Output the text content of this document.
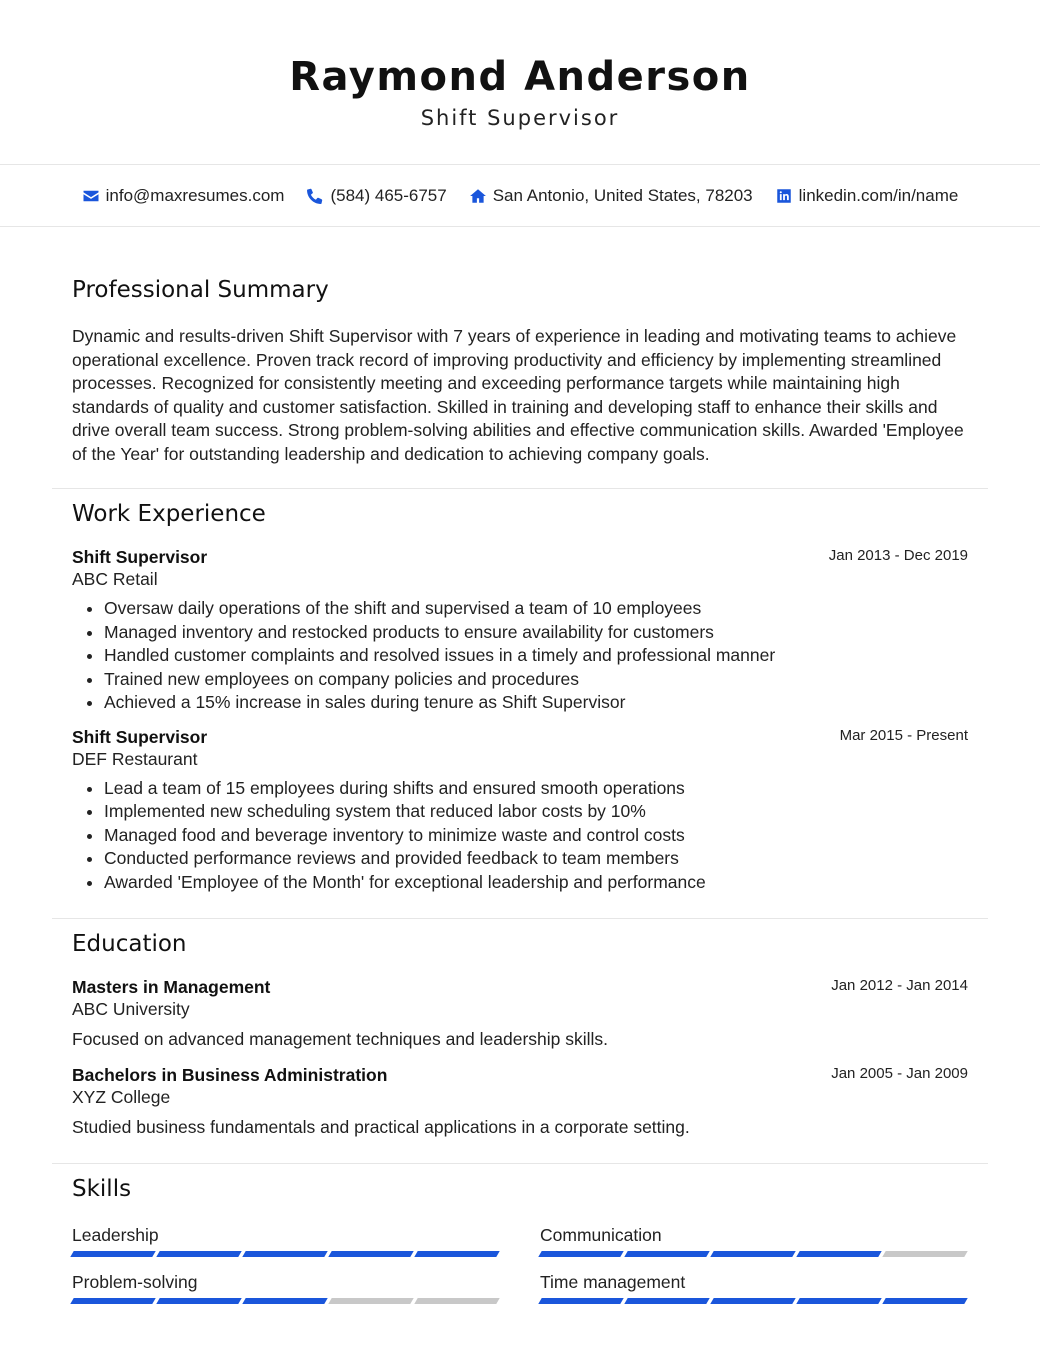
Raymond Anderson
Shift Supervisor
info@maxresumes.com	(584) 465-6757	San Antonio, United States, 78203	linkedin.com/in/name
Professional Summary

Dynamic and results-driven Shift Supervisor with 7 years of experience in leading and motivating teams to achieve operational excellence. Proven track record of improving productivity and efficiency by implementing streamlined processes. Recognized for consistently meeting and exceeding performance targets while maintaining high standards of quality and customer satisfaction. Skilled in training and developing staff to enhance their skills and drive overall team success. Strong problem-solving abilities and effective communication skills. Awarded 'Employee of the Year' for outstanding leadership and dedication to achieving company goals.

Work Experience
Shift Supervisor	Jan 2013 - Dec 2019
ABC Retail
• Oversaw daily operations of the shift and supervised a team of 10 employees
• Managed inventory and restocked products to ensure availability for customers
• Handled customer complaints and resolved issues in a timely and professional manner
• Trained new employees on company policies and procedures
• Achieved a 15% increase in sales during tenure as Shift Supervisor
Shift Supervisor	Mar 2015 - Present
DEF Restaurant
• Lead a team of 15 employees during shifts and ensured smooth operations
• Implemented new scheduling system that reduced labor costs by 10%
• Managed food and beverage inventory to minimize waste and control costs
• Conducted performance reviews and provided feedback to team members
• Awarded 'Employee of the Month' for exceptional leadership and performance
Education
Masters in Management	Jan 2012 - Jan 2014
ABC University
Focused on advanced management techniques and leadership skills.
Bachelors in Business Administration	Jan 2005 - Jan 2009
XYZ College
Studied business fundamentals and practical applications in a corporate setting.
Skills
Leadership	Communication
Problem-solving	Time management
